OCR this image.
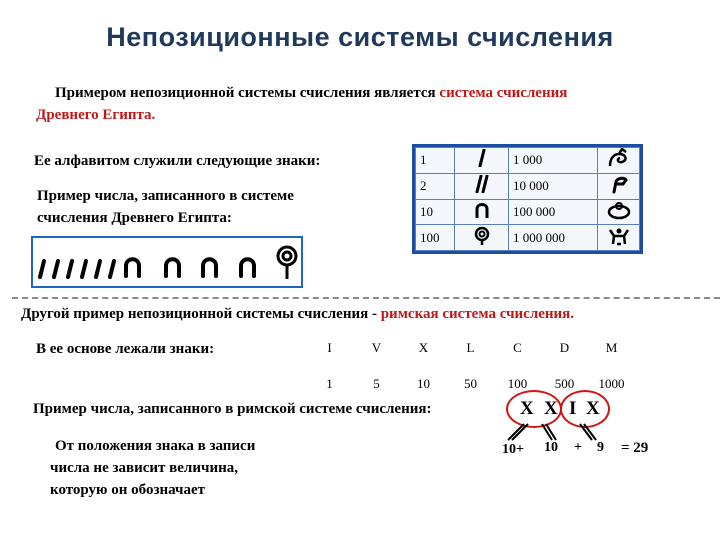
Непозиционные системы счисления
Примером непозиционной системы счисления является система счисления
Древнего Египта.
Ее алфавитом служили следующие знаки:
Пример числа, записанного в системе
счисления Древнего Египта:
1		1 000	
2		10 000	
10		100 000	
100		1 000 000	
Другой пример непозиционной системы счисления - римская система счисления.
В ее основе лежали знаки:	I	V	X	L	C	D	M

1	5	10	50	100	500	1000
Пример числа, записанного в римской системе счисления:	X X I X
10+ 10 + 9 = 29
От положения знака в записи
числа не зависит величина,
которую он обозначает
